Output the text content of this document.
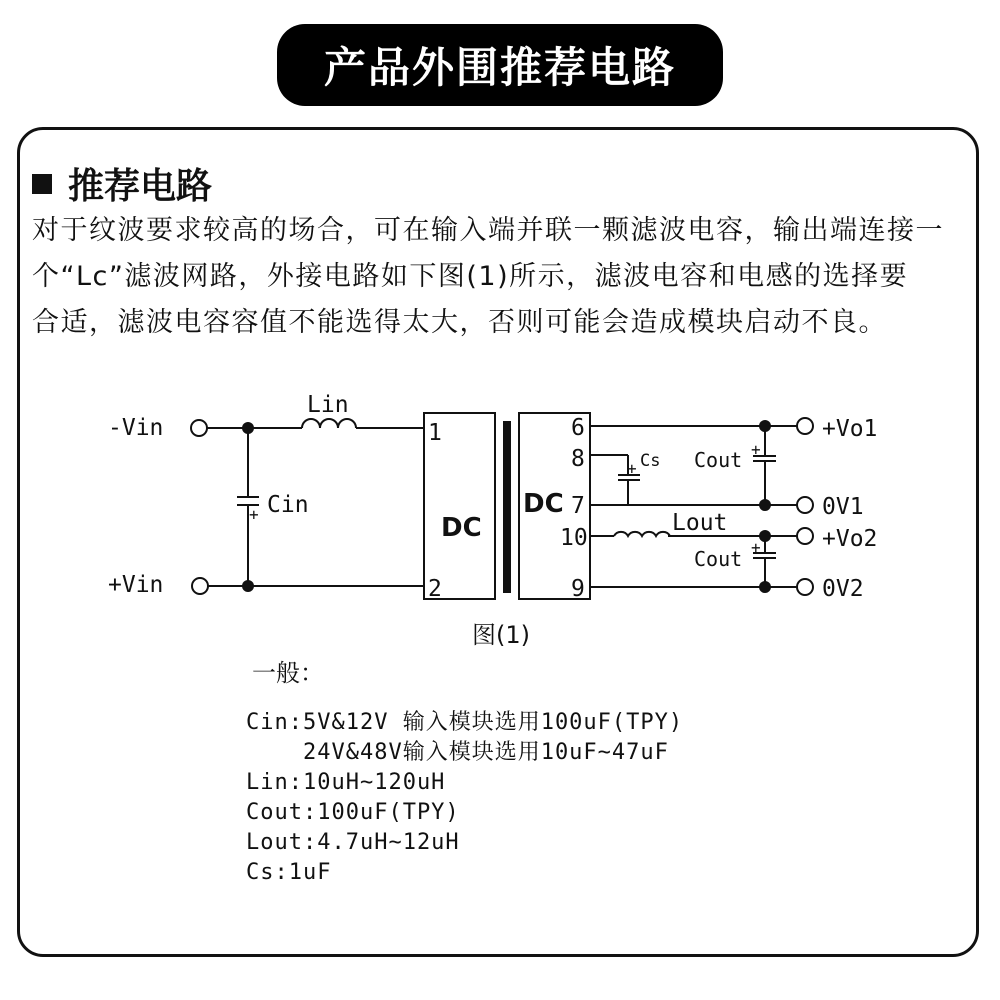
产品外围推荐电路
推荐电路
对于纹波要求较高的场合，可在输入端并联一颗滤波电容，输出端连接一
个“Lc”滤波网路，外接电路如下图(1)所示，滤波电容和电感的选择要
合适，滤波电容容值不能选得太大，否则可能会造成模块启动不良。
+
+
+
+
-Vin
+Vin
Lin
Cin
DC
DC
1
2
6
8
7
10
9
Cs
Lout
Cout
Cout
+Vo1
0V1
+Vo2
0V2
图(1)
一般：
Cin:5V&12V 输入模块选用100uF(TPY)
24V&48V输入模块选用10uF~47uF
Lin:10uH~120uH
Cout:100uF(TPY)
Lout:4.7uH~12uH
Cs:1uF
